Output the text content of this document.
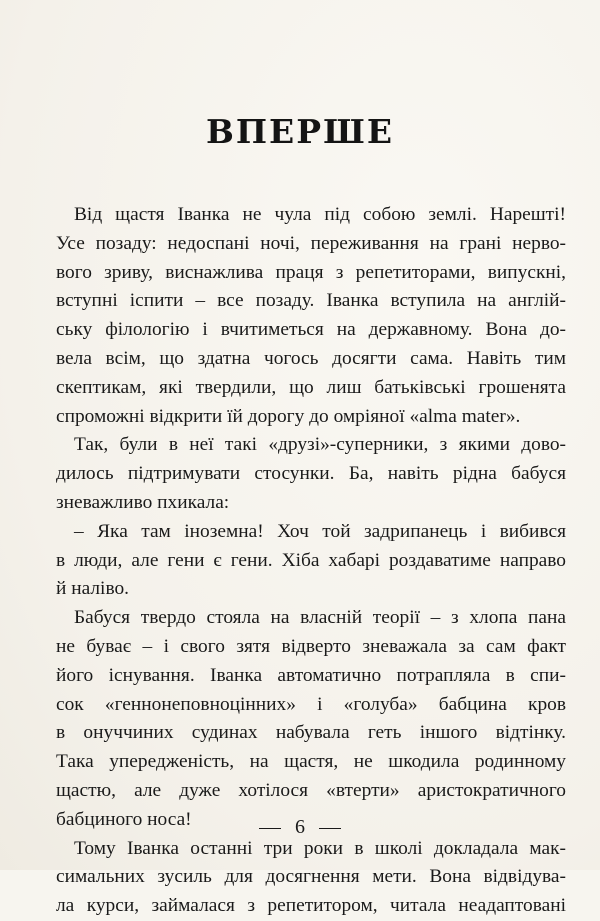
ВПЕРШЕ
Від щастя Іванка не чула під собою землі. Нарешті!
Усе позаду: недоспані ночі, переживання на грані нерво-
вого зриву, виснажлива праця з репетиторами, випускні,
вступні іспити – все позаду. Іванка вступила на англій-
ську філологію і вчитиметься на державному. Вона до-
вела всім, що здатна чогось досягти сама. Навіть тим
скептикам, які твердили, що лиш батьківські грошенята
спроможні відкрити їй дорогу до омріяної «alma mater».
Так, були в неї такі «друзі»-суперники, з якими дово-
дилось підтримувати стосунки. Ба, навіть рідна бабуся
зневажливо пхикала:
– Яка там іноземна! Хоч той задрипанець і вибився
в люди, але гени є гени. Хіба хабарі роздаватиме направо
й наліво.
Бабуся твердо стояла на власній теорії – з хлопа пана
не буває – і свого зятя відверто зневажала за сам факт
його існування. Іванка автоматично потрапляла в спи-
сок «геннонеповноцінних» і «голуба» бабцина кров
в онуччиних судинах набувала геть іншого відтінку.
Така упередженість, на щастя, не шкодила родинному
щастю, але дуже хотілося «втерти» аристократичного
бабциного носа!
Тому Іванка останні три роки в школі докладала мак-
симальних зусиль для досягнення мети. Вона відвідува-
ла курси, займалася з репетитором, читала неадаптовані
6
